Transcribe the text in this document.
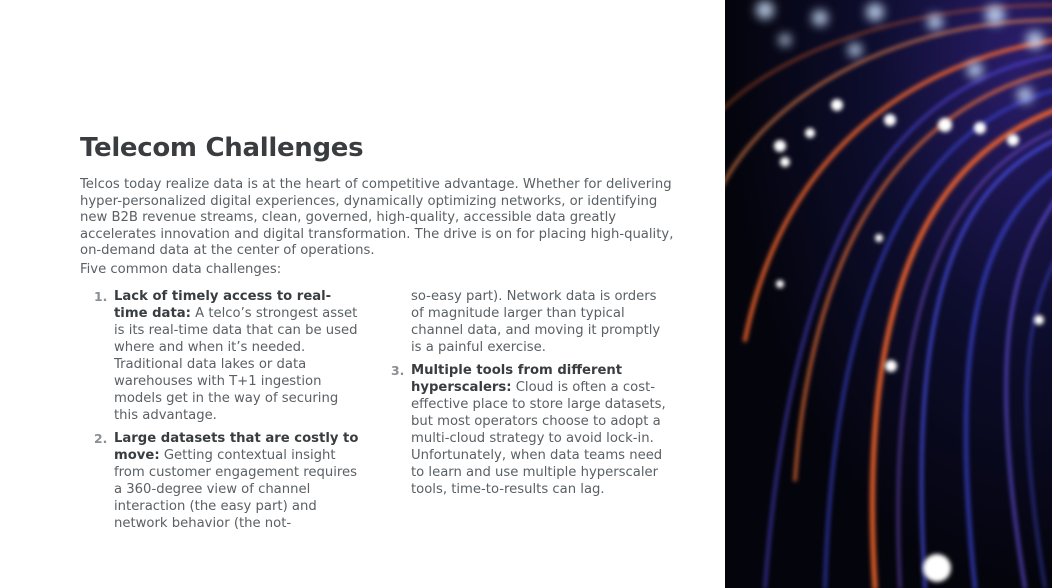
Telecom Challenges

Telcos today realize data is at the heart of competitive advantage. Whether for delivering hyper-personalized digital experiences, dynamically optimizing networks, or identifying new B2B revenue streams, clean, governed, high-quality, accessible data greatly accelerates innovation and digital transformation. The drive is on for placing high-quality, on-demand data at the center of operations.

Five common data challenges:

1. Lack of timely access to real-time data: A telco’s strongest asset is its real-time data that can be used where and when it’s needed. Traditional data lakes or data warehouses with T+1 ingestion models get in the way of securing this advantage.
2. Large datasets that are costly to move: Getting contextual insight from customer engagement requires a 360-degree view of channel interaction (the easy part) and network behavior (the not-
so-easy part). Network data is orders of magnitude larger than typical channel data, and moving it promptly is a painful exercise.
3. Multiple tools from different hyperscalers: Cloud is often a cost-effective place to store large datasets, but most operators choose to adopt a multi-cloud strategy to avoid lock-in. Unfortunately, when data teams need to learn and use multiple hyperscaler tools, time-to-results can lag.
